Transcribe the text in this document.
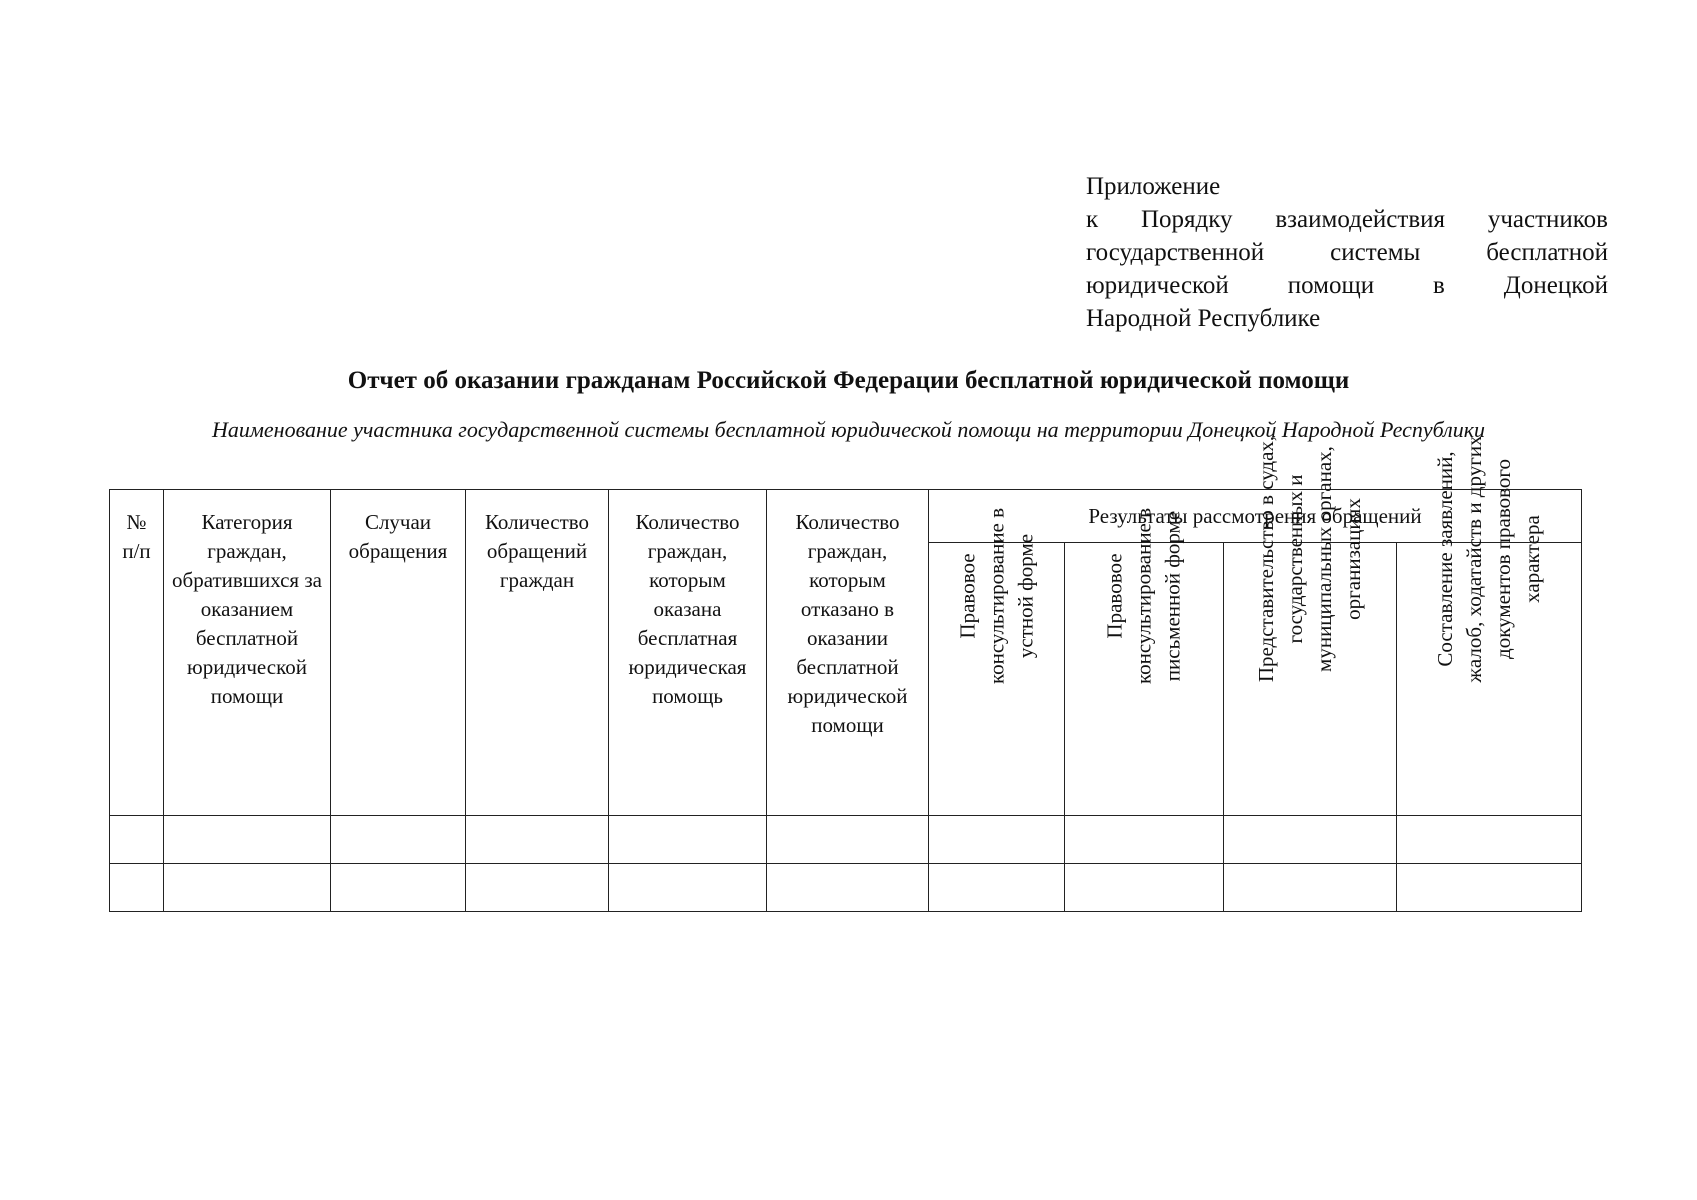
Приложение
к Порядку взаимодействия участников
государственной	системы	бесплатной
юридической помощи в Донецкой
Народной Республике
Отчет об оказании гражданам Российской Федерации бесплатной юридической помощи
Наименование участника государственной системы бесплатной юридической помощи на территории Донецкой Народной Республики
№ п/п	Категория граждан, обратившихся за оказанием бесплатной юридической помощи	Случаи обращения	Количество обращений граждан	Количество граждан, которым оказана бесплатная юридическая помощь	Количество граждан, которым отказано в оказании бесплатной юридической помощи	Результаты рассмотрения обращений			

						Правовое консультирование в устной форме	Правовое консультирование в письменной форме	Представительство в судах, государственных и муниципальных органах, организациях	Составление заявлений, жалоб, ходатайств и других документов правового характера
